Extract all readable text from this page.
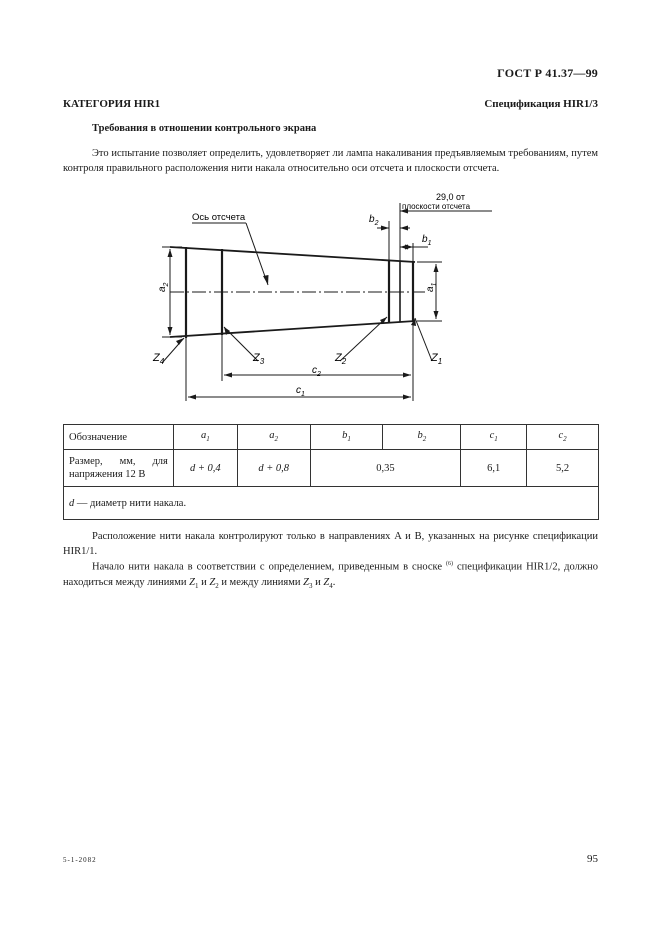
ГОСТ Р 41.37—99
КАТЕГОРИЯ HIR1	Спецификация HIR1/3
Требования в отношении контрольного экрана
Это испытание позволяет определить, удовлетворяет ли лампа накаливания предъявляемым требованиям, путем контроля правильного расположения нити накала относительно оси отсчета и плоскости отсчета.
Ось отсчета
29,0 от
плоскости отсчета
$b_2$
$b_1$
$a_2$
$a_1$
$c_2$
$c_1$
$Z_4$	$Z_3$	$Z_2$	$Z_1$
Обозначение	$a_1$	$a_2$	$b_1$	$b_2$	$c_1$	$c_2$
Размер, мм, для напряжения 12 В	d + 0,4	d + 0,8	0,35		6,1	5,2
d — диаметр нити накала.						
Расположение нити накала контролируют только в направлениях A и B, указанных на рисунке спецификации HIR1/1.
Начало нити накала в соответствии с определением, приведенным в сноске $^{(6)}$ спецификации HIR1/2, должно находиться между линиями $Z_1$ и $Z_2$ и между линиями $Z_3$ и $Z_4$.
5-1-2082	95
